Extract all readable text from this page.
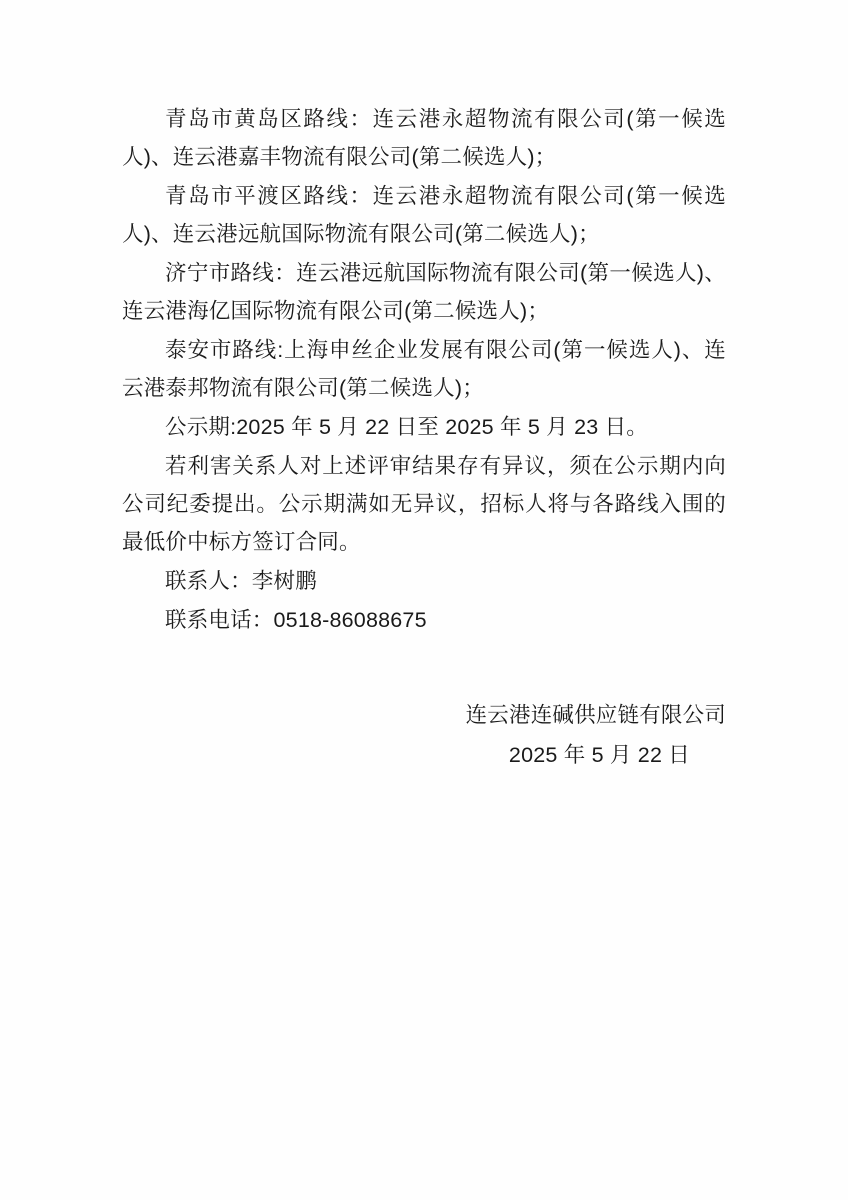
青岛市黄岛区路线：连云港永超物流有限公司(第一候选人)、连云港嘉丰物流有限公司(第二候选人)；

青岛市平渡区路线：连云港永超物流有限公司(第一候选人)、连云港远航国际物流有限公司(第二候选人)；

济宁市路线：连云港远航国际物流有限公司(第一候选人)、连云港海亿国际物流有限公司(第二候选人)；

泰安市路线:上海申丝企业发展有限公司(第一候选人)、连云港泰邦物流有限公司(第二候选人)；

公示期:2025 年 5 月 22 日至 2025 年 5 月 23 日。

若利害关系人对上述评审结果存有异议，须在公示期内向公司纪委提出。公示期满如无异议，招标人将与各路线入围的最低价中标方签订合同。

联系人：李树鹏

联系电话：0518-86088675

连云港连碱供应链有限公司
2025 年 5 月 22 日
